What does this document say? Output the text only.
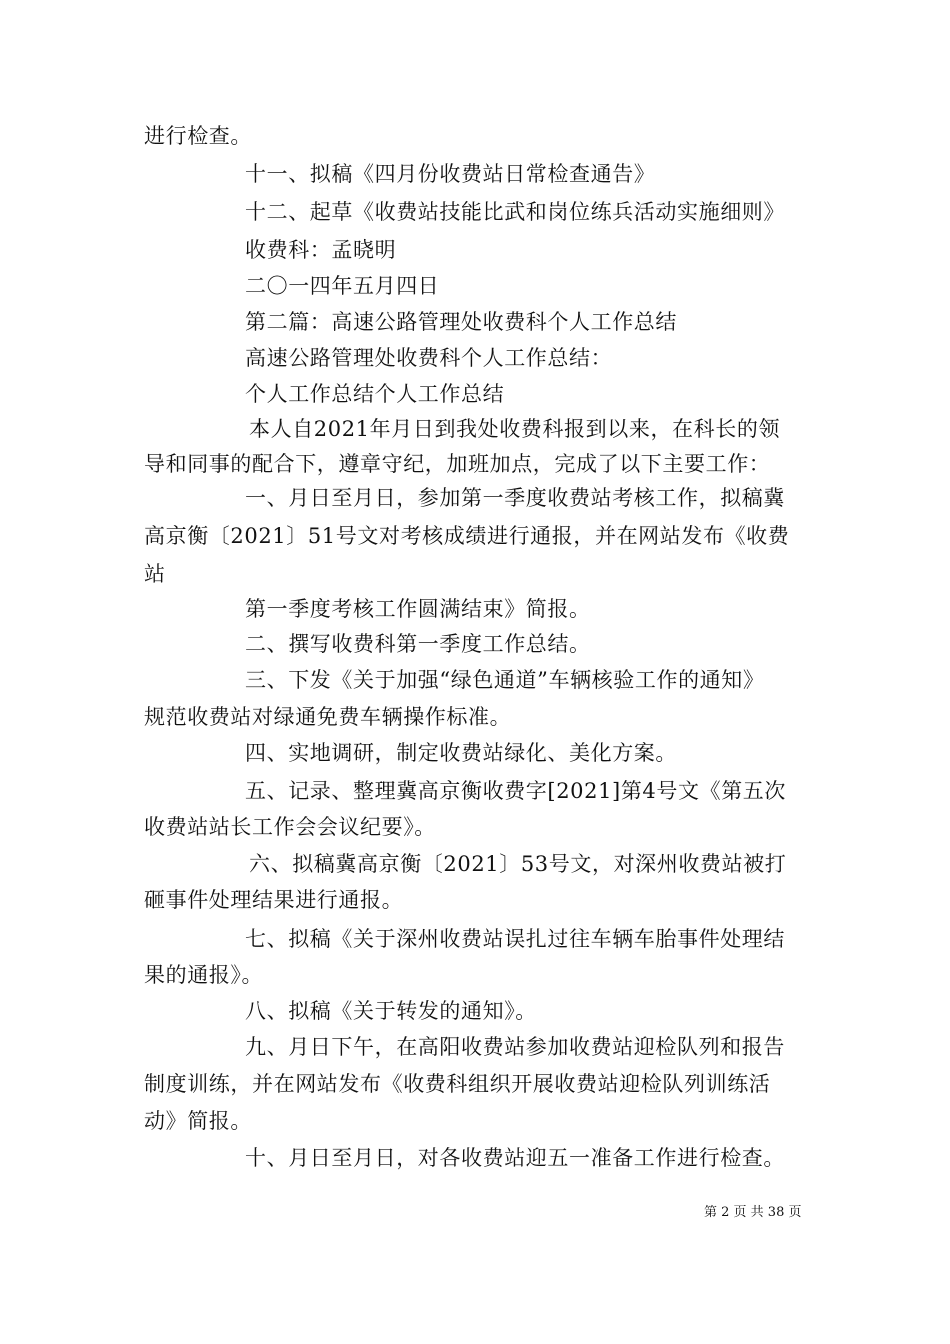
进行检查。
十一、拟稿《四月份收费站日常检查通告》
十二、起草《收费站技能比武和岗位练兵活动实施细则》
收费科：孟晓明
二〇一四年五月四日
第二篇：高速公路管理处收费科个人工作总结
高速公路管理处收费科个人工作总结：
个人工作总结个人工作总结
本人自2021年月日到我处收费科报到以来，在科长的领
导和同事的配合下，遵章守纪，加班加点，完成了以下主要工作：
一、月日至月日，参加第一季度收费站考核工作，拟稿冀
高京衡〔2021〕51号文对考核成绩进行通报，并在网站发布《收费
站
第一季度考核工作圆满结束》简报。
二、撰写收费科第一季度工作总结。
三、下发《关于加强“绿色通道”车辆核验工作的通知》
规范收费站对绿通免费车辆操作标准。
四、实地调研，制定收费站绿化、美化方案。
五、记录、整理冀高京衡收费字[2021]第4号文《第五次
收费站站长工作会会议纪要》。
六、拟稿冀高京衡〔2021〕53号文，对深州收费站被打
砸事件处理结果进行通报。
七、拟稿《关于深州收费站误扎过往车辆车胎事件处理结
果的通报》。
八、拟稿《关于转发的通知》。
九、月日下午，在高阳收费站参加收费站迎检队列和报告
制度训练，并在网站发布《收费科组织开展收费站迎检队列训练活
动》简报。
十、月日至月日，对各收费站迎五一准备工作进行检查。
第 2 页 共 38 页
